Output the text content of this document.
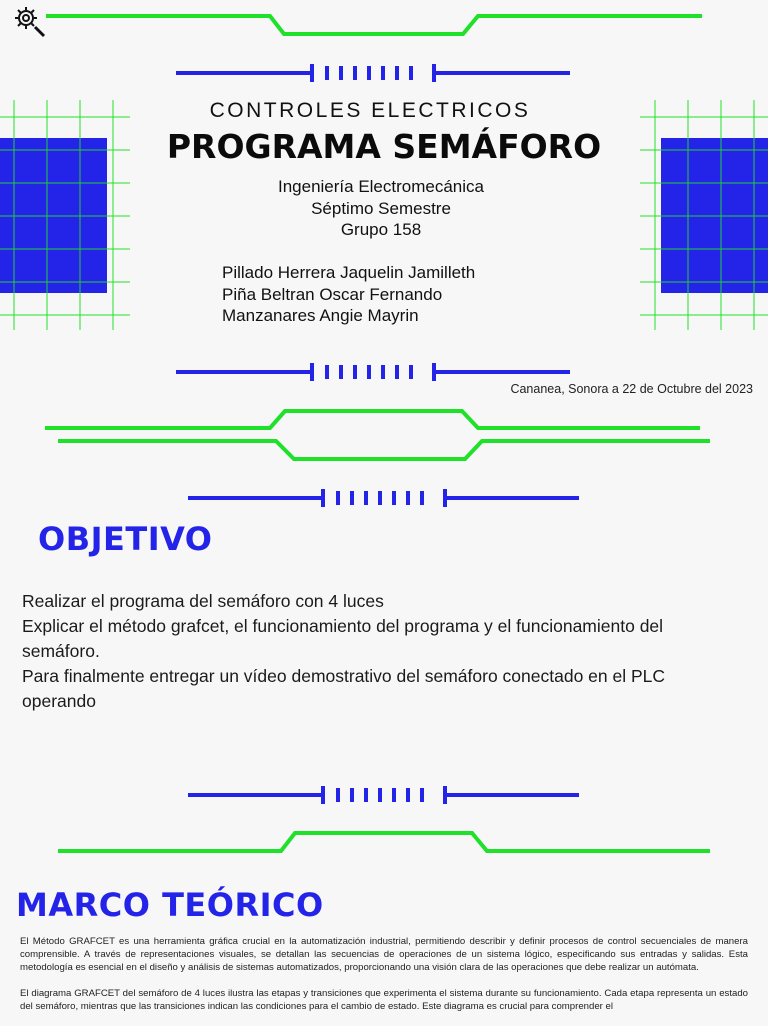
CONTROLES ELECTRICOS
PROGRAMA SEMÁFORO
Ingeniería Electromecánica
Séptimo Semestre
Grupo 158
Pillado Herrera Jaquelin Jamilleth
Piña Beltran Oscar Fernando
Manzanares Angie Mayrin
Cananea, Sonora a 22 de Octubre del 2023
OBJETIVO
Realizar el programa del semáforo con 4 luces
Explicar el método grafcet, el funcionamiento del programa y el funcionamiento del semáforo.
Para finalmente entregar un vídeo demostrativo del semáforo conectado en el PLC operando
MARCO TEÓRICO

El Método GRAFCET es una herramienta gráfica crucial en la automatización industrial, permitiendo describir y definir procesos de control secuenciales de manera comprensible. A través de representaciones visuales, se detallan las secuencias de operaciones de un sistema lógico, especificando sus entradas y salidas. Esta metodología es esencial en el diseño y análisis de sistemas automatizados, proporcionando una visión clara de las operaciones que debe realizar un autómata.

El diagrama GRAFCET del semáforo de 4 luces ilustra las etapas y transiciones que experimenta el sistema durante su funcionamiento. Cada etapa representa un estado del semáforo, mientras que las transiciones indican las condiciones para el cambio de estado. Este diagrama es crucial para comprender el
